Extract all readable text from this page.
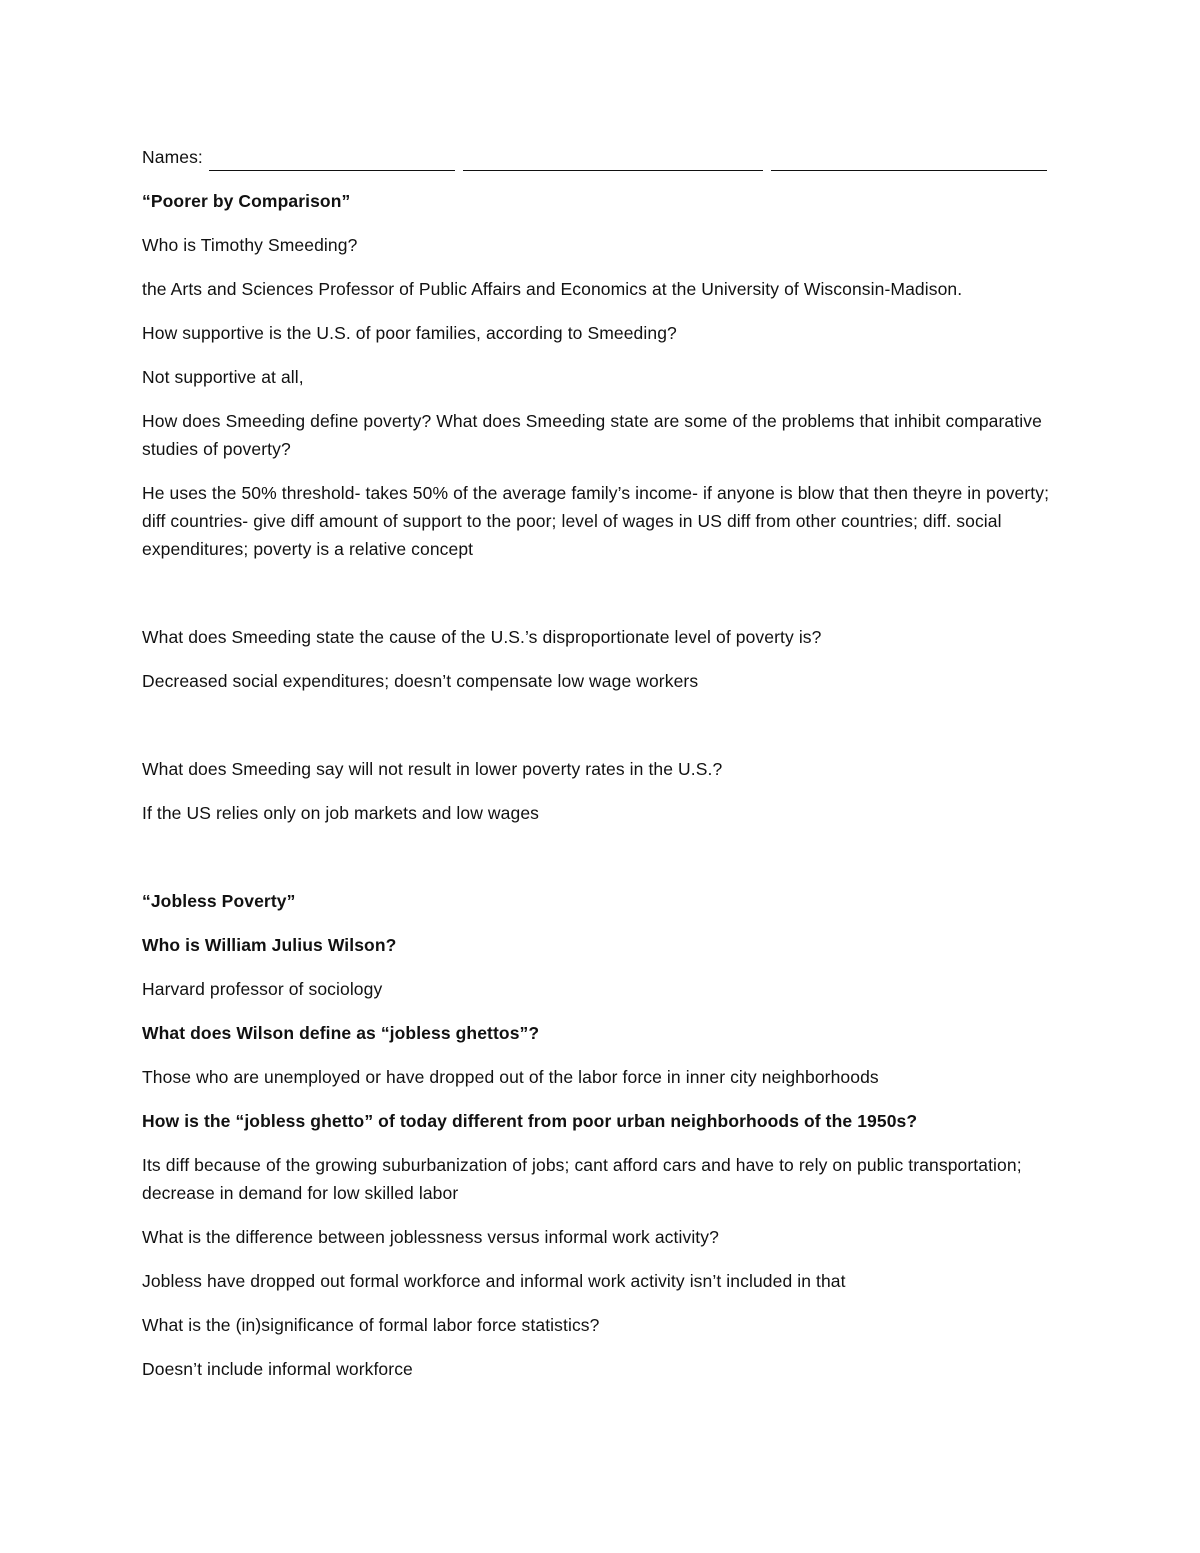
Names:

“Poorer by Comparison”

Who is Timothy Smeeding?

the Arts and Sciences Professor of Public Affairs and Economics at the University of Wisconsin-Madison.

How supportive is the U.S. of poor families, according to Smeeding?

Not supportive at all,

How does Smeeding define poverty? What does Smeeding state are some of the problems that inhibit comparative studies of poverty?

He uses the 50% threshold- takes 50% of the average family’s income- if anyone is blow that then theyre in poverty; diff countries- give diff amount of support to the poor; level of wages in US diff from other countries; diff. social expenditures; poverty is a relative concept

What does Smeeding state the cause of the U.S.’s disproportionate level of poverty is?

Decreased social expenditures; doesn’t compensate low wage workers

What does Smeeding say will not result in lower poverty rates in the U.S.?

If the US relies only on job markets and low wages

“Jobless Poverty”

Who is William Julius Wilson?

Harvard professor of sociology

What does Wilson define as “jobless ghettos”?

Those who are unemployed or have dropped out of the labor force in inner city neighborhoods

How is the “jobless ghetto” of today different from poor urban neighborhoods of the 1950s?

Its diff because of the growing suburbanization of jobs; cant afford cars and have to rely on public transportation; decrease in demand for low skilled labor

What is the difference between joblessness versus informal work activity?

Jobless have dropped out formal workforce and informal work activity isn’t included in that

What is the (in)significance of formal labor force statistics?

Doesn’t include informal workforce
